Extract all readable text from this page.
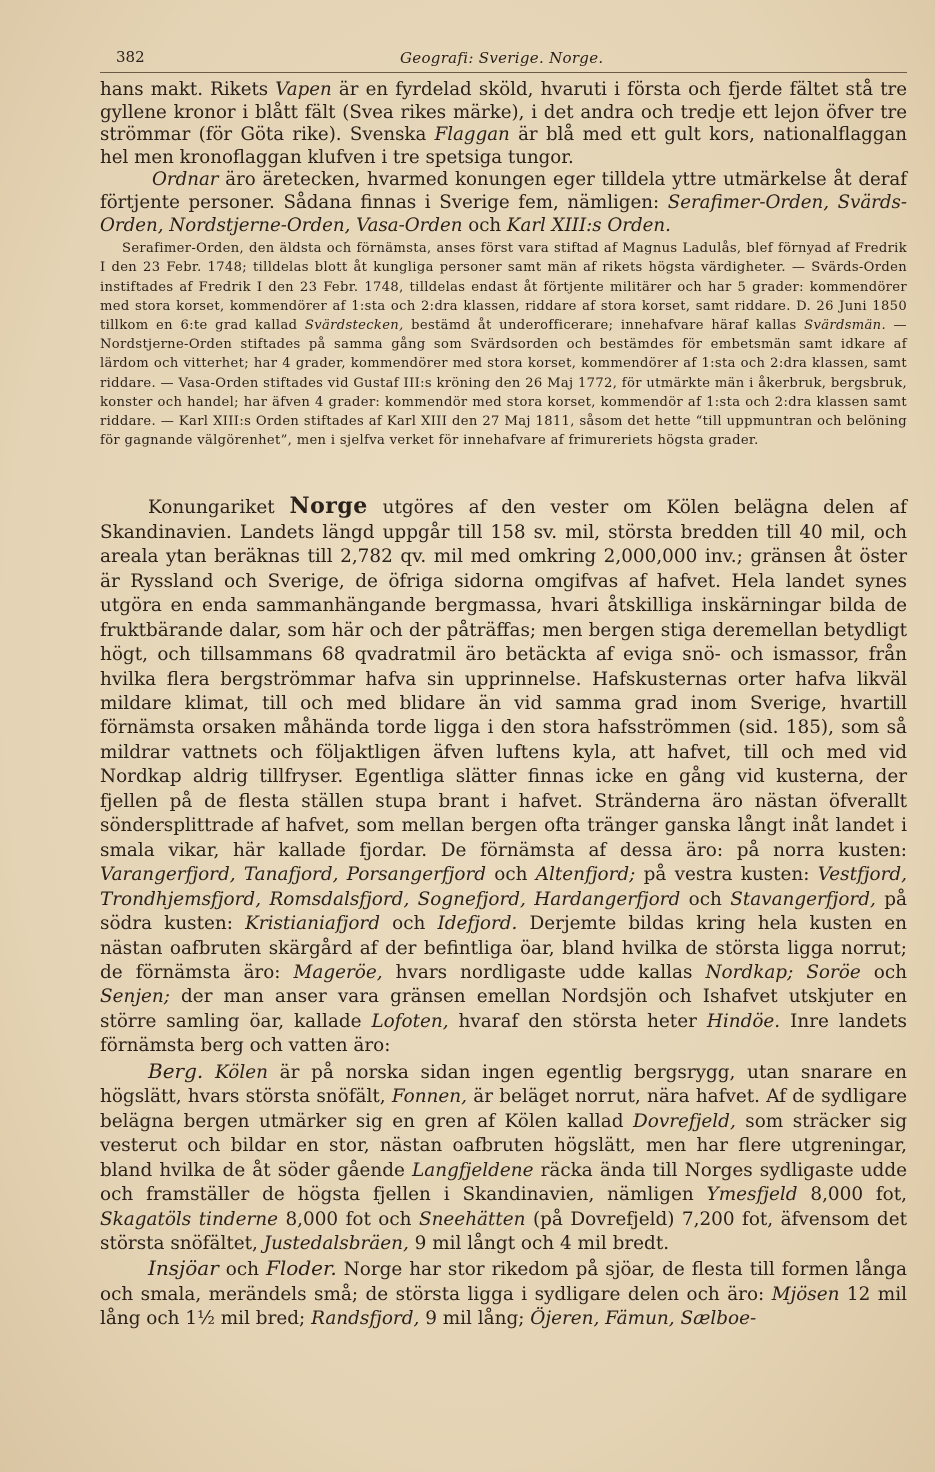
382	Geografi: Sverige. Norge.

hans makt. Rikets Vapen är en fyrdelad sköld, hvaruti i första och fjerde fältet stå tre gyllene kronor i blått fält (Svea rikes märke), i det andra och tredje ett lejon öfver tre strömmar (för Göta rike). Svenska Flaggan är blå med ett gult kors, nationalflaggan hel men kronoflaggan klufven i tre spetsiga tungor.

Ordnar äro äretecken, hvarmed konungen eger tilldela yttre utmärkelse åt deraf förtjente personer. Sådana finnas i Sverige fem, nämligen: Serafimer-Orden, Svärds-Orden, Nordstjerne-Orden, Vasa-Orden och Karl XIII:s Orden.

Serafimer-Orden, den äldsta och förnämsta, anses först vara stiftad af Magnus Ladulås, blef förnyad af Fredrik I den 23 Febr. 1748; tilldelas blott åt kungliga personer samt män af rikets högsta värdigheter. — Svärds-Orden instiftades af Fredrik I den 23 Febr. 1748, tilldelas endast åt förtjente militärer och har 5 grader: kommendörer med stora korset, kommendörer af 1:sta och 2:dra klassen, riddare af stora korset, samt riddare. D. 26 Juni 1850 tillkom en 6:te grad kallad Svärdstecken, bestämd åt underofficerare; innehafvare häraf kallas Svärdsmän. — Nordstjerne-Orden stiftades på samma gång som Svärdsorden och bestämdes för embetsmän samt idkare af lärdom och vitterhet; har 4 grader, kommendörer med stora korset, kommendörer af 1:sta och 2:dra klassen, samt riddare. — Vasa-Orden stiftades vid Gustaf III:s kröning den 26 Maj 1772, för utmärkte män i åkerbruk, bergsbruk, konster och handel; har äfven 4 grader: kommendör med stora korset, kommendör af 1:sta och 2:dra klassen samt riddare. — Karl XIII:s Orden stiftades af Karl XIII den 27 Maj 1811, såsom det hette “till uppmuntran och belöning för gagnande välgörenhet”, men i sjelfva verket för innehafvare af frimureriets högsta grader.

Konungariket Norge utgöres af den vester om Kölen belägna delen af Skandinavien. Landets längd uppgår till 158 sv. mil, största bredden till 40 mil, och areala ytan beräknas till 2,782 qv. mil med omkring 2,000,000 inv.; gränsen åt öster är Ryssland och Sverige, de öfriga sidorna omgifvas af hafvet. Hela landet synes utgöra en enda sammanhängande bergmassa, hvari åtskilliga inskärningar bilda de fruktbärande dalar, som här och der påträffas; men bergen stiga deremellan betydligt högt, och tillsammans 68 qvadratmil äro betäckta af eviga snö- och ismassor, från hvilka flera bergströmmar hafva sin upprinnelse. Hafskusternas orter hafva likväl mildare klimat, till och med blidare än vid samma grad inom Sverige, hvartill förnämsta orsaken måhända torde ligga i den stora hafsströmmen (sid. 185), som så mildrar vattnets och följaktligen äfven luftens kyla, att hafvet, till och med vid Nordkap aldrig tillfryser. Egentliga slätter finnas icke en gång vid kusterna, der fjellen på de flesta ställen stupa brant i hafvet. Stränderna äro nästan öfverallt söndersplittrade af hafvet, som mellan bergen ofta tränger ganska långt inåt landet i smala vikar, här kallade fjordar. De förnämsta af dessa äro: på norra kusten: Varangerfjord, Tanafjord, Porsangerfjord och Altenfjord; på vestra kusten: Vestfjord, Trondhjemsfjord, Romsdalsfjord, Sognefjord, Hardangerfjord och Stavangerfjord, på södra kusten: Kristianiafjord och Idefjord. Derjemte bildas kring hela kusten en nästan oafbruten skärgård af der befintliga öar, bland hvilka de största ligga norrut; de förnämsta äro: Mageröe, hvars nordligaste udde kallas Nordkap; Soröe och Senjen; der man anser vara gränsen emellan Nordsjön och Ishafvet utskjuter en större samling öar, kallade Lofoten, hvaraf den största heter Hindöe. Inre landets förnämsta berg och vatten äro:

Berg. Kölen är på norska sidan ingen egentlig bergsrygg, utan snarare en högslätt, hvars största snöfält, Fonnen, är beläget norrut, nära hafvet. Af de sydligare belägna bergen utmärker sig en gren af Kölen kallad Dovrefjeld, som sträcker sig vesterut och bildar en stor, nästan oafbruten högslätt, men har flere utgreningar, bland hvilka de åt söder gående Langfjeldene räcka ända till Norges sydligaste udde och framställer de högsta fjellen i Skandinavien, nämligen Ymesfjeld 8,000 fot, Skagatöls tinderne 8,000 fot och Sneehätten (på Dovrefjeld) 7,200 fot, äfvensom det största snöfältet, Justedalsbräen, 9 mil långt och 4 mil bredt.

Insjöar och Floder. Norge har stor rikedom på sjöar, de flesta till formen långa och smala, merändels små; de största ligga i sydligare delen och äro: Mjösen 12 mil lång och 1½ mil bred; Randsfjord, 9 mil lång; Öjeren, Fämun, Sælboe-
